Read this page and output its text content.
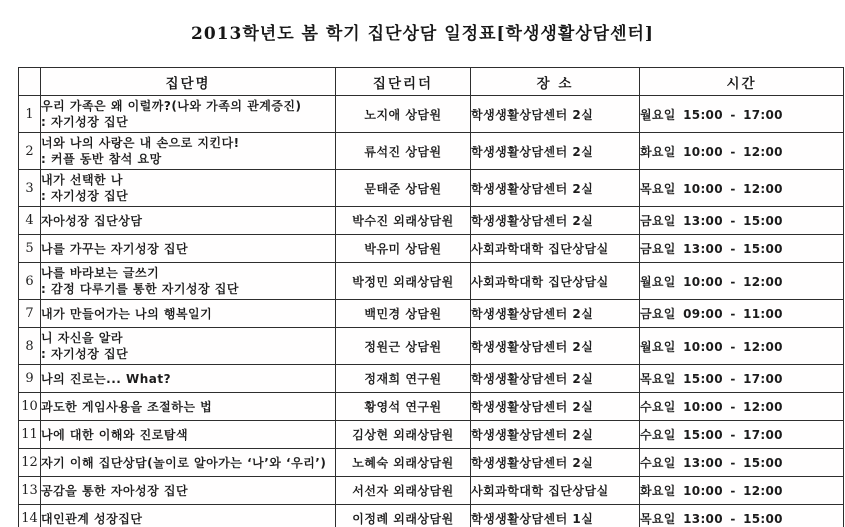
2013학년도 봄 학기 집단상담 일정표[학생생활상담센터]
	집단명	집단리더	장 소	시간
1	우리 가족은 왜 이럴까?(나와 가족의 관계증진)
: 자기성장 집단	노지애 상담원	학생생활상담센터 2실	월요일 15:00 - 17:00
2	너와 나의 사랑은 내 손으로 지킨다!
: 커플 동반 참석 요망	류석진 상담원	학생생활상담센터 2실	화요일 10:00 - 12:00
3	내가 선택한 나
: 자기성장 집단	문태준 상담원	학생생활상담센터 2실	목요일 10:00 - 12:00
4	자아성장 집단상담	박수진 외래상담원	학생생활상담센터 2실	금요일 13:00 - 15:00
5	나를 가꾸는 자기성장 집단	박유미 상담원	사회과학대학 집단상담실	금요일 13:00 - 15:00
6	나를 바라보는 글쓰기
: 감정 다루기를 통한 자기성장 집단	박정민 외래상담원	사회과학대학 집단상담실	월요일 10:00 - 12:00
7	내가 만들어가는 나의 행복일기	백민경 상담원	학생생활상담센터 2실	금요일 09:00 - 11:00
8	니 자신을 알라
: 자기성장 집단	정원근 상담원	학생생활상담센터 2실	월요일 10:00 - 12:00
9	나의 진로는... What?	정재희 연구원	학생생활상담센터 2실	목요일 15:00 - 17:00
10	과도한 게임사용을 조절하는 법	황영석 연구원	학생생활상담센터 2실	수요일 10:00 - 12:00
11	나에 대한 이해와 진로탐색	김상현 외래상담원	학생생활상담센터 2실	수요일 15:00 - 17:00
12	자기 이해 집단상담(놀이로 알아가는 ‘나’와 ‘우리’)	노혜숙 외래상담원	학생생활상담센터 2실	수요일 13:00 - 15:00
13	공감을 통한 자아성장 집단	서선자 외래상담원	사회과학대학 집단상담실	화요일 10:00 - 12:00
14	대인관계 성장집단	이정례 외래상담원	학생생활상담센터 1실	목요일 13:00 - 15:00
